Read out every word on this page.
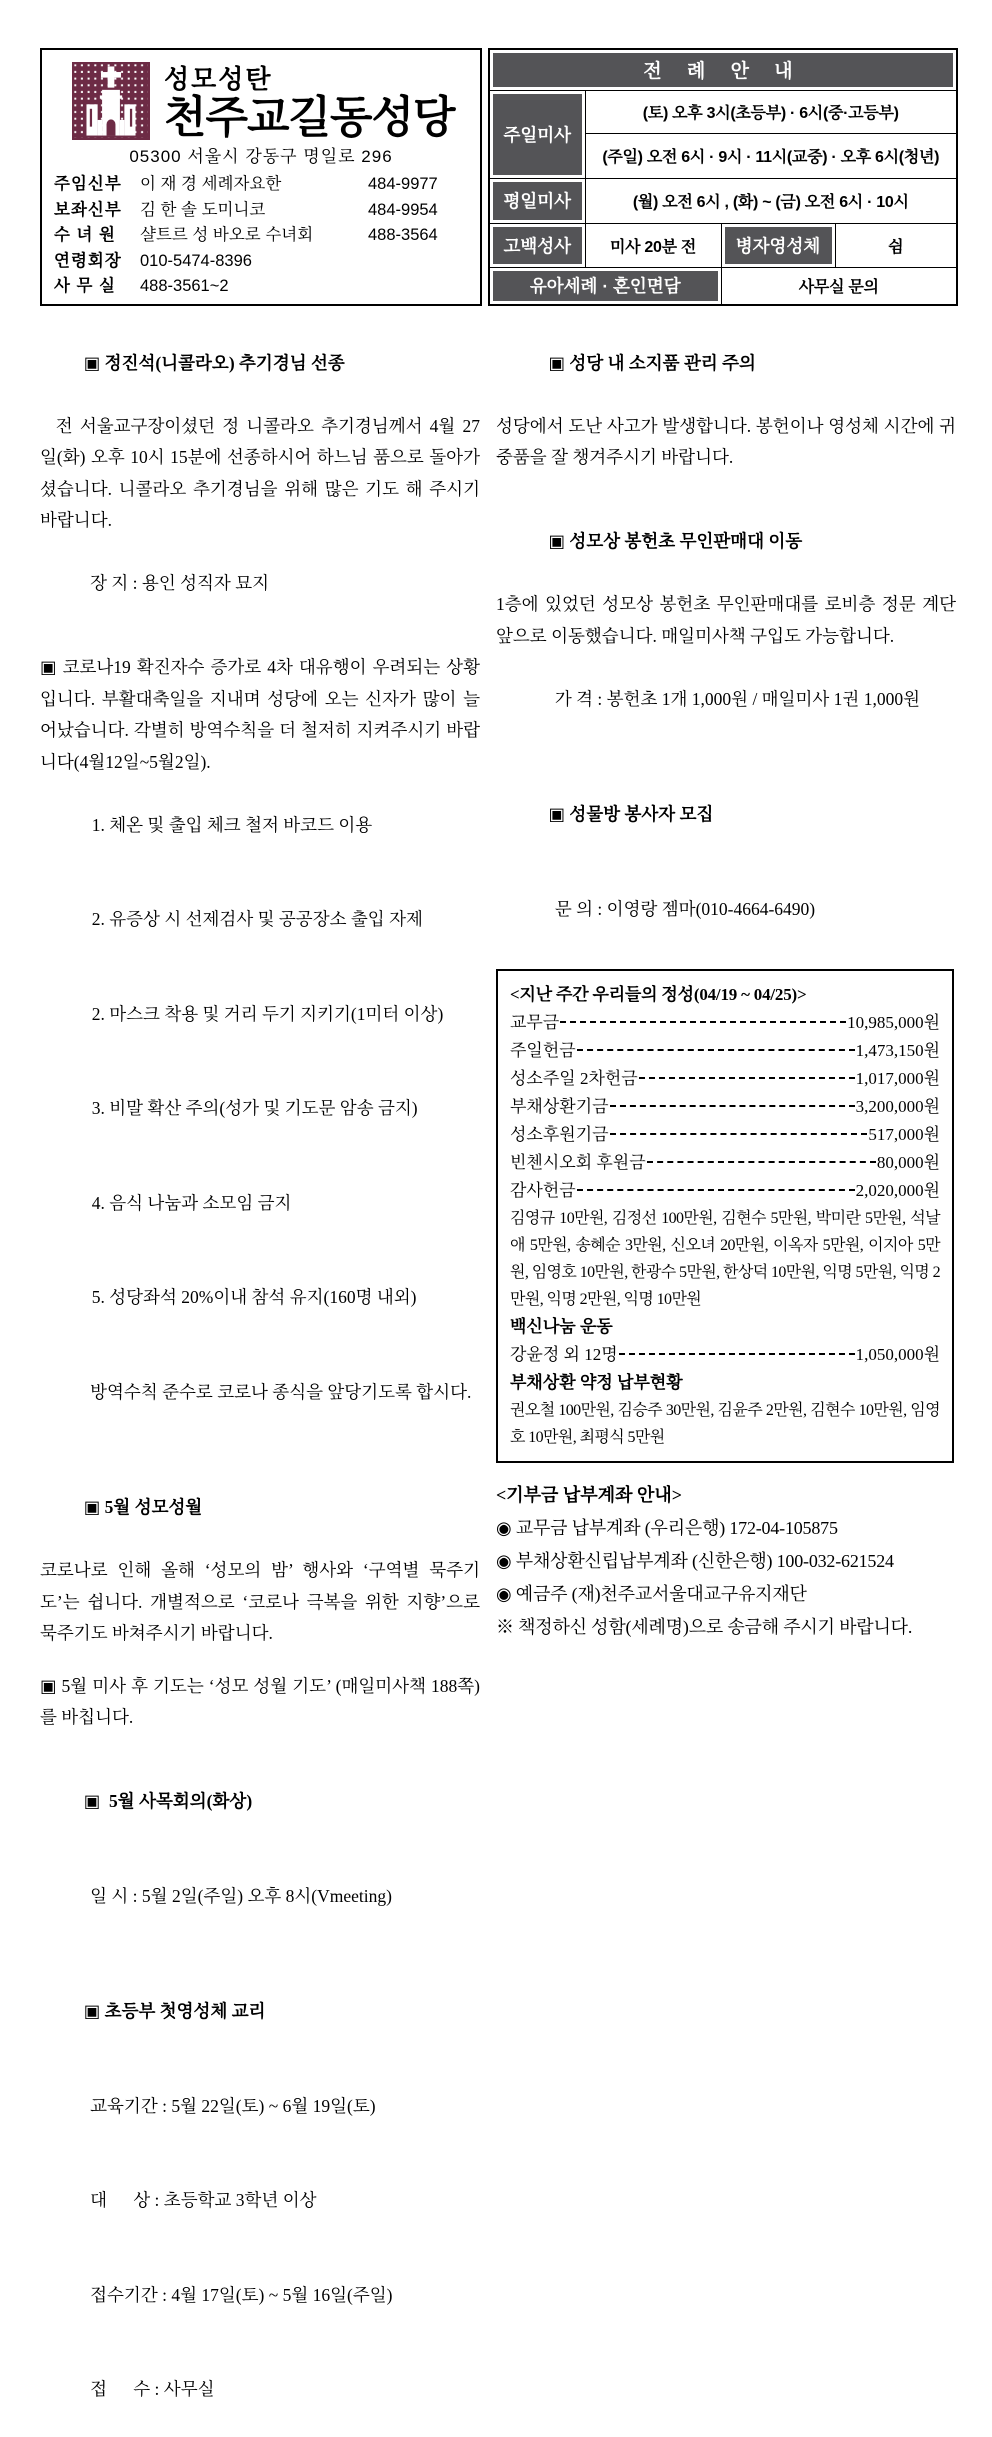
성모성탄
천주교길동성당
05300 서울시 강동구 명일로 296
주임신부	이 재 경 세례자요한	484-9977
보좌신부	김 한 솔 도미니코	484-9954
수 녀 원	샬트르 성 바오로 수녀회	488-3564
연령회장	010-5474-8396
사 무 실	488-3561~2
전 례 안 내			

주일미사	(토) 오후 3시(초등부) · 6시(중·고등부)		
	(주일) 오전 6시 · 9시 · 11시(교중) · 오후 6시(청년)		

평일미사	(월) 오전 6시 , (화) ~ (금) 오전 6시 · 10시		

고백성사	미사 20분 전	병자영성체	쉼

유아세례 · 혼인면담		사무실 문의	

▣ 정진석(니콜라오) 추기경님 선종

전 서울교구장이셨던 정 니콜라오 추기경님께서 4월 27일(화) 오후 10시 15분에 선종하시어 하느님 품으로 돌아가셨습니다. 니콜라오 추기경님을 위해 많은 기도 해 주시기 바랍니다.

장 지 : 용인 성직자 묘지

▣ 코로나19 확진자수 증가로 4차 대유행이 우려되는 상황입니다. 부활대축일을 지내며 성당에 오는 신자가 많이 늘어났습니다. 각별히 방역수칙을 더 철저히 지켜주시기 바랍니다(4월12일~5월2일).

1. 체온 및 출입 체크 철저 바코드 이용

2. 유증상 시 선제검사 및 공공장소 출입 자제

2. 마스크 착용 및 거리 두기 지키기(1미터 이상)

3. 비말 확산 주의(성가 및 기도문 암송 금지)

4. 음식 나눔과 소모임 금지

5. 성당좌석 20%이내 참석 유지(160명 내외)

방역수칙 준수로 코로나 종식을 앞당기도록 합시다.

▣ 5월 성모성월

코로나로 인해 올해 ‘성모의 밤’ 행사와 ‘구역별 묵주기도’는 쉽니다. 개별적으로 ‘코로나 극복을 위한 지향’으로 묵주기도 바쳐주시기 바랍니다.
▣ 5월 미사 후 기도는 ‘성모 성월 기도’ (매일미사책 188쪽)를 바칩니다.

▣  5월 사목회의(화상)

일 시 : 5월 2일(주일) 오후 8시(Vmeeting)

▣ 초등부 첫영성체 교리

교육기간 : 5월 22일(토) ~ 6월 19일(토)

대      상 : 초등학교 3학년 이상

접수기간 : 4월 17일(토) ~ 5월 16일(주일)

접      수 : 사무실

▣ 성당 내 소지품 관리 주의

성당에서 도난 사고가 발생합니다. 봉헌이나 영성체 시간에 귀중품을 잘 챙겨주시기 바랍니다.

▣ 성모상 봉헌초 무인판매대 이동

1층에 있었던 성모상 봉헌초 무인판매대를 로비층 정문 계단 앞으로 이동했습니다. 매일미사책 구입도 가능합니다.

가 격 : 봉헌초 1개 1,000원 / 매일미사 1권 1,000원

▣ 성물방 봉사자 모집

문 의 : 이영랑 젬마(010-4664-6490)

<지난 주간 우리들의 정성(04/19 ~ 04/25)>
교무금	10,985,000원
주일헌금	1,473,150원
성소주일 2차헌금	1,017,000원
부채상환기금	3,200,000원
성소후원기금	517,000원
빈첸시오회 후원금	80,000원
감사헌금	2,020,000원
김영규 10만원, 김정선 100만원, 김현수 5만원, 박미란 5만원, 석날애 5만원, 송혜순 3만원, 신오녀 20만원, 이옥자 5만원, 이지아 5만원, 임영호 10만원, 한광수 5만원, 한상덕 10만원, 익명 5만원, 익명 2만원, 익명 2만원, 익명 10만원
백신나눔 운동
강윤정 외 12명	1,050,000원
부채상환 약정 납부현황
권오철 100만원, 김승주 30만원, 김윤주 2만원, 김현수 10만원, 임영호 10만원, 최평식 5만원
<기부금 납부계좌 안내>
◉ 교무금 납부계좌 (우리은행) 172-04-105875
◉ 부채상환신립납부계좌 (신한은행) 100-032-621524
◉ 예금주 (재)천주교서울대교구유지재단
※ 책정하신 성함(세례명)으로 송금해 주시기 바랍니다.
